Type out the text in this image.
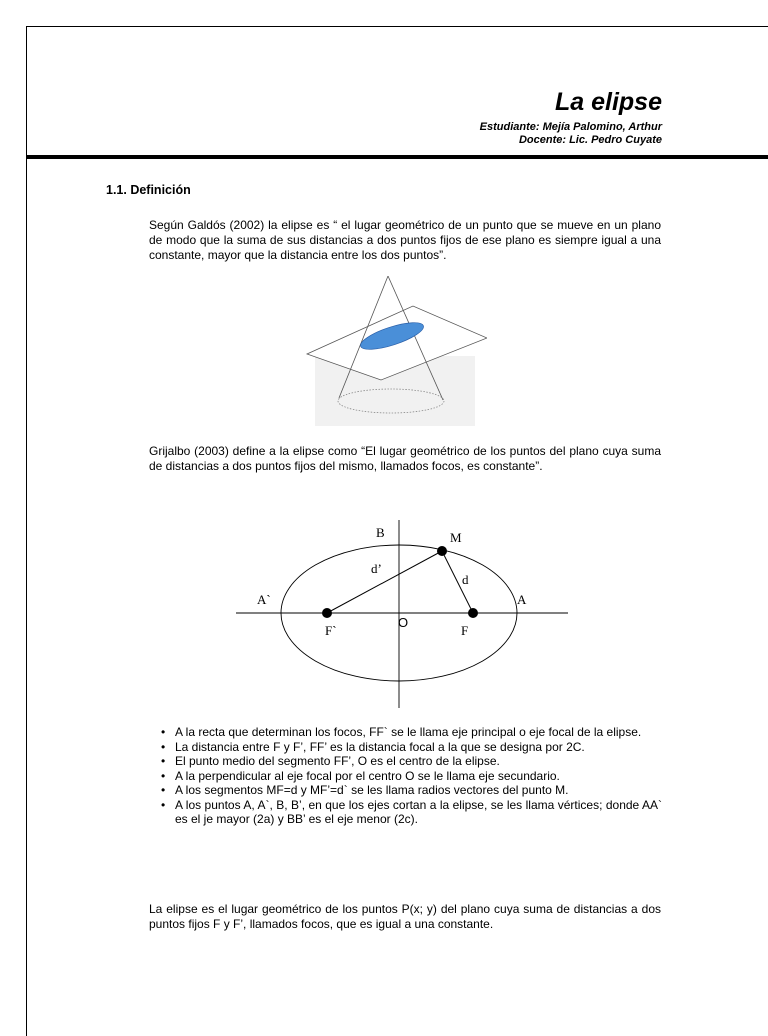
La elipse
Estudiante: Mejía Palomino, Arthur
Docente: Lic. Pedro Cuyate
1.1. Definición

Según Galdós (2002) la elipse es “ el lugar geométrico de un punto que se mueve en un plano de modo que la suma de sus distancias a dos puntos fijos de ese plano es siempre igual a una constante, mayor que la distancia entre los dos puntos”.

Grijalbo (2003) define a la elipse como “El lugar geométrico de los puntos del plano cuya suma de distancias a dos puntos fijos del mismo, llamados focos, es constante”.

B	M
d’
d
A`	A
F`
O
F
• A la recta que determinan los focos, FF` se le llama eje principal o eje focal de la elipse.
• La distancia entre F y F’, FF’ es la distancia focal a la que se designa por 2C.
• El punto medio del segmento FF’, O es el centro de la elipse.
• A la perpendicular al eje focal por el centro O se le llama eje secundario.
• A los segmentos MF=d y MF’=d` se les llama radios vectores del punto M.
• A los puntos A, A`, B, B’, en que los ejes cortan a la elipse, se les llama vértices; donde AA` es el je mayor (2a) y BB’ es el eje menor (2c).

La elipse es el lugar geométrico de los puntos P(x; y) del plano cuya suma de distancias a dos puntos fijos F y F’, llamados focos, que es igual a una constante.
